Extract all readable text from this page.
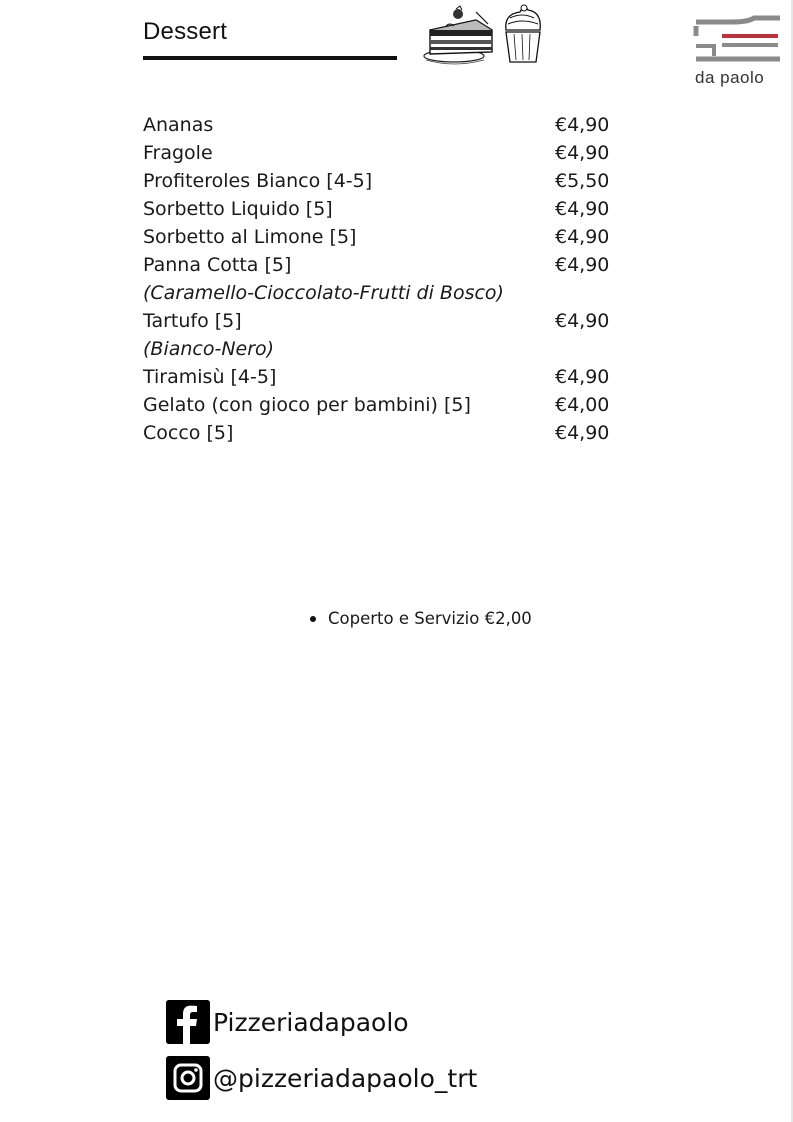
Dessert
da paolo
Ananas	€4,90
Fragole	€4,90
Profiteroles Bianco [4-5]	€5,50
Sorbetto Liquido [5]	€4,90
Sorbetto al Limone [5]	€4,90
Panna Cotta [5]	€4,90
(Caramello-Cioccolato-Frutti di Bosco)
Tartufo [5]	€4,90
(Bianco-Nero)
Tiramisù [4-5]	€4,90
Gelato (con gioco per bambini) [5]	€4,00
Cocco [5]	€4,90
Coperto e Servizio €2,00
Pizzeriadapaolo
@pizzeriadapaolo_trt
